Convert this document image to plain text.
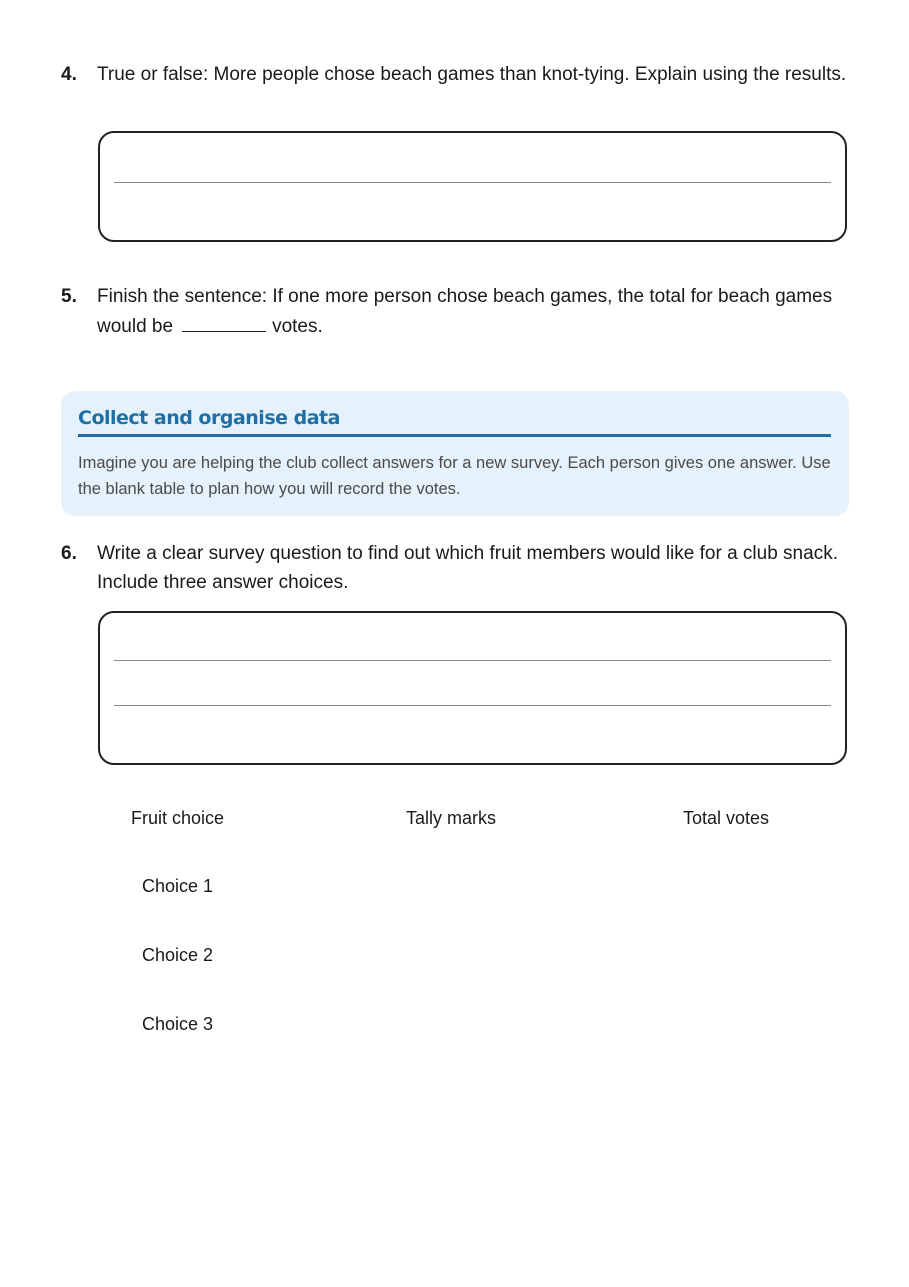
4. True or false: More people chose beach games than knot-tying. Explain using the results.
5. Finish the sentence: If one more person chose beach games, the total for beach games would be	votes.
Collect and organise data
Imagine you are helping the club collect answers for a new survey. Each person gives one answer. Use the blank table to plan how you will record the votes.
6. Write a clear survey question to find out which fruit members would like for a club snack. Include three answer choices.
Fruit choice	Tally marks	Total votes
Choice 1
Choice 2
Choice 3
